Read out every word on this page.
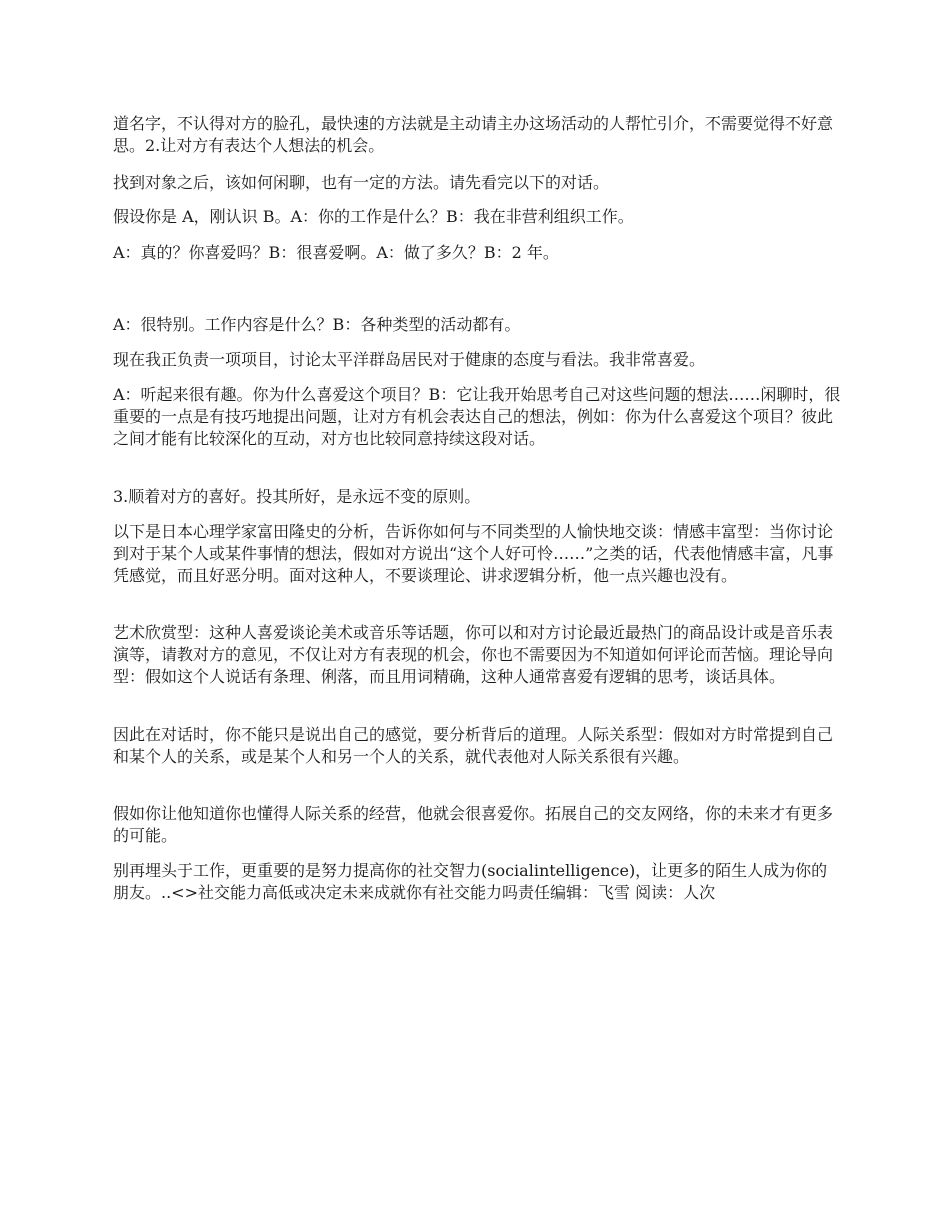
道名字，不认得对方的脸孔，最快速的方法就是主动请主办这场活动的人帮忙引介，不需要觉得不好意思。2.让对方有表达个人想法的机会。

找到对象之后，该如何闲聊，也有一定的方法。请先看完以下的对话。

假设你是 A，刚认识 B。A：你的工作是什么？B：我在非营利组织工作。

A：真的？你喜爱吗？B：很喜爱啊。A：做了多久？B：2 年。

A：很特别。工作内容是什么？B：各种类型的活动都有。

现在我正负责一项项目，讨论太平洋群岛居民对于健康的态度与看法。我非常喜爱。

A：听起来很有趣。你为什么喜爱这个项目？B：它让我开始思考自己对这些问题的想法……闲聊时，很重要的一点是有技巧地提出问题，让对方有机会表达自己的想法，例如：你为什么喜爱这个项目？彼此之间才能有比较深化的互动，对方也比较同意持续这段对话。

3.顺着对方的喜好。投其所好，是永远不变的原则。

以下是日本心理学家富田隆史的分析，告诉你如何与不同类型的人愉快地交谈：情感丰富型：当你讨论到对于某个人或某件事情的想法，假如对方说出“这个人好可怜……”之类的话，代表他情感丰富，凡事凭感觉，而且好恶分明。面对这种人，不要谈理论、讲求逻辑分析，他一点兴趣也没有。

艺术欣赏型：这种人喜爱谈论美术或音乐等话题，你可以和对方讨论最近最热门的商品设计或是音乐表演等，请教对方的意见，不仅让对方有表现的机会，你也不需要因为不知道如何评论而苦恼。理论导向型：假如这个人说话有条理、俐落，而且用词精确，这种人通常喜爱有逻辑的思考，谈话具体。

因此在对话时，你不能只是说出自己的感觉，要分析背后的道理。人际关系型：假如对方时常提到自己和某个人的关系，或是某个人和另一个人的关系，就代表他对人际关系很有兴趣。

假如你让他知道你也懂得人际关系的经营，他就会很喜爱你。拓展自己的交友网络，你的未来才有更多的可能。

别再埋头于工作，更重要的是努力提高你的社交智力(socialintelligence)，让更多的陌生人成为你的朋友。..<>社交能力高低或决定未来成就你有社交能力吗责任编辑：飞雪 阅读：人次
